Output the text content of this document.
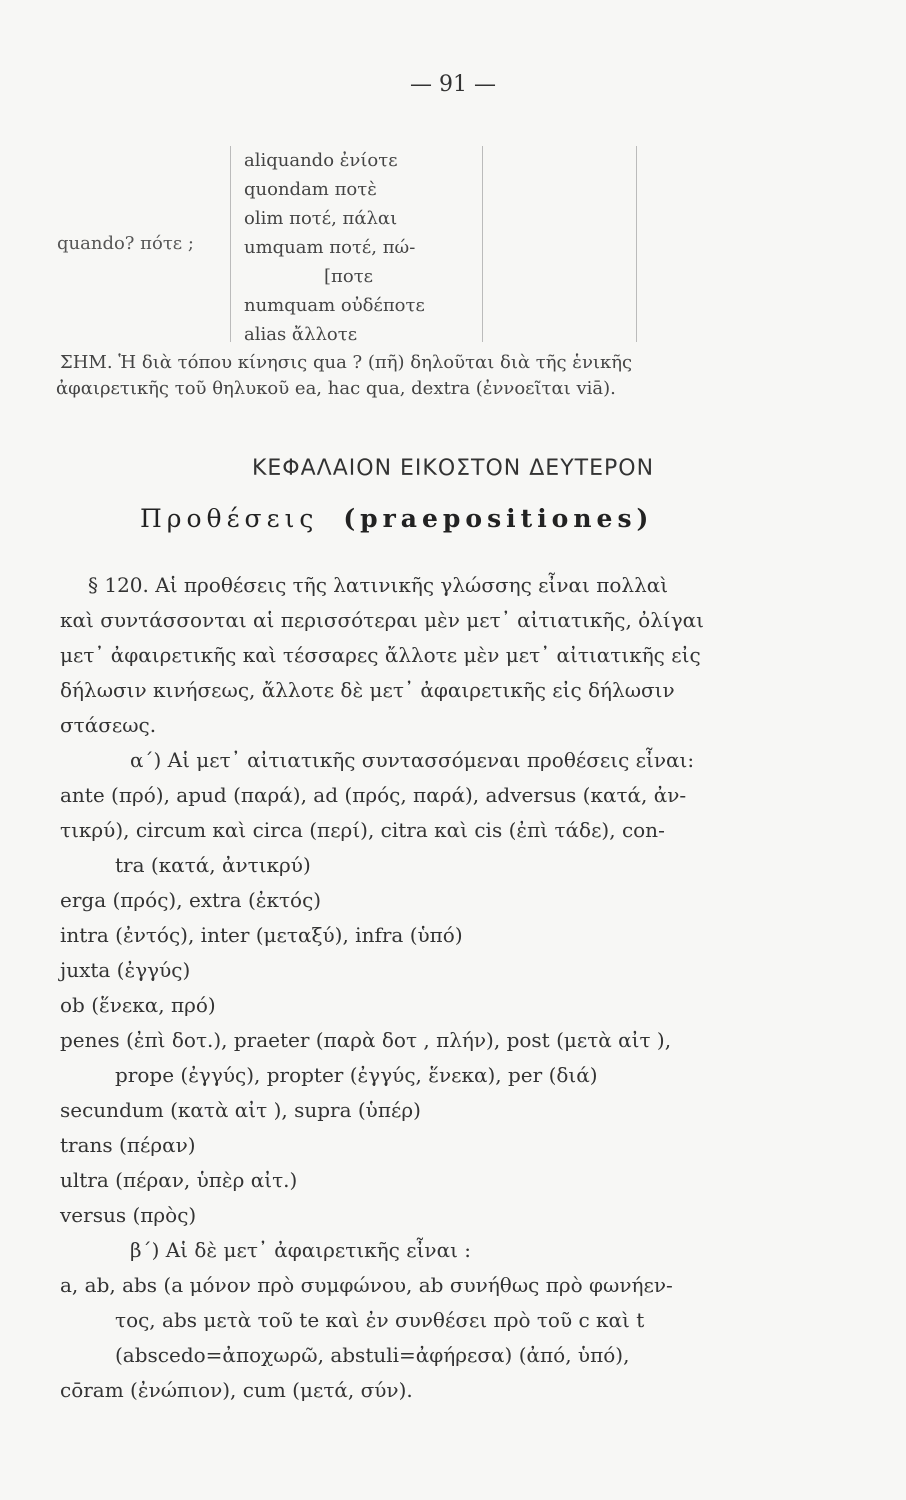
— 91 —
quando? πότε ;
aliquando ἐνίοτε
quondam ποτὲ
olim ποτέ, πάλαι
umquam ποτέ, πώ-
[ποτε
numquam οὐδέποτε
alias ἄλλοτε
ΣΗΜ. Ἡ διὰ τόπου κίνησις qua ? (πῆ) δηλοῦται διὰ τῆς ἑνικῆς
ἀφαιρετικῆς τοῦ θηλυκοῦ ea, hac qua, dextra (ἐννοεῖται viā).
ΚΕΦΑΛΑΙΟΝ ΕΙΚΟΣΤΟΝ ΔΕΥΤΕΡΟΝ
Προθέσεις (praepositiones)
§ 120. Αἱ προθέσεις τῆς λατινικῆς γλώσσης εἶναι πολλαὶ
καὶ συντάσσονται αἱ περισσότεραι μὲν μετ᾽ αἰτιατικῆς, ὀλίγαι
μετ᾽ ἀφαιρετικῆς καὶ τέσσαρες ἄλλοτε μὲν μετ᾽ αἰτιατικῆς εἰς
δήλωσιν κινήσεως, ἄλλοτε δὲ μετ᾽ ἀφαιρετικῆς εἰς δήλωσιν
στάσεως.
α΄) Αἱ μετ᾽ αἰτιατικῆς συντασσόμεναι προθέσεις εἶναι:
ante (πρό), apud (παρά), ad (πρός, παρά), adversus (κατά, ἀν-
τικρύ), circum καὶ circa (περί), citra καὶ cis (ἐπὶ τάδε), con-
tra (κατά, ἀντικρύ)
erga (πρός), extra (ἐκτός)
intra (ἐντός), inter (μεταξύ), infra (ὑπό)
juxta (ἐγγύς)
ob (ἕνεκα, πρό)
penes (ἐπὶ δοτ.), praeter (παρὰ δοτ , πλήν), post (μετὰ αἰτ ),
prope (ἐγγύς), propter (ἐγγύς, ἕνεκα), per (διά)
secundum (κατὰ αἰτ ), supra (ὑπέρ)
trans (πέραν)
ultra (πέραν, ὑπὲρ αἰτ.)
versus (πρὸς)
β΄) Αἱ δὲ μετ᾽ ἀφαιρετικῆς εἶναι :
a, ab, abs (a μόνον πρὸ συμφώνου, ab συνήθως πρὸ φωνήεν-
τος, abs μετὰ τοῦ te καὶ ἐν συνθέσει πρὸ τοῦ c καὶ t
(abscedo=ἀποχωρῶ, abstuli=ἀφήρεσα) (ἀπό, ὑπό),
cōram (ἐνώπιον), cum (μετά, σύν).
